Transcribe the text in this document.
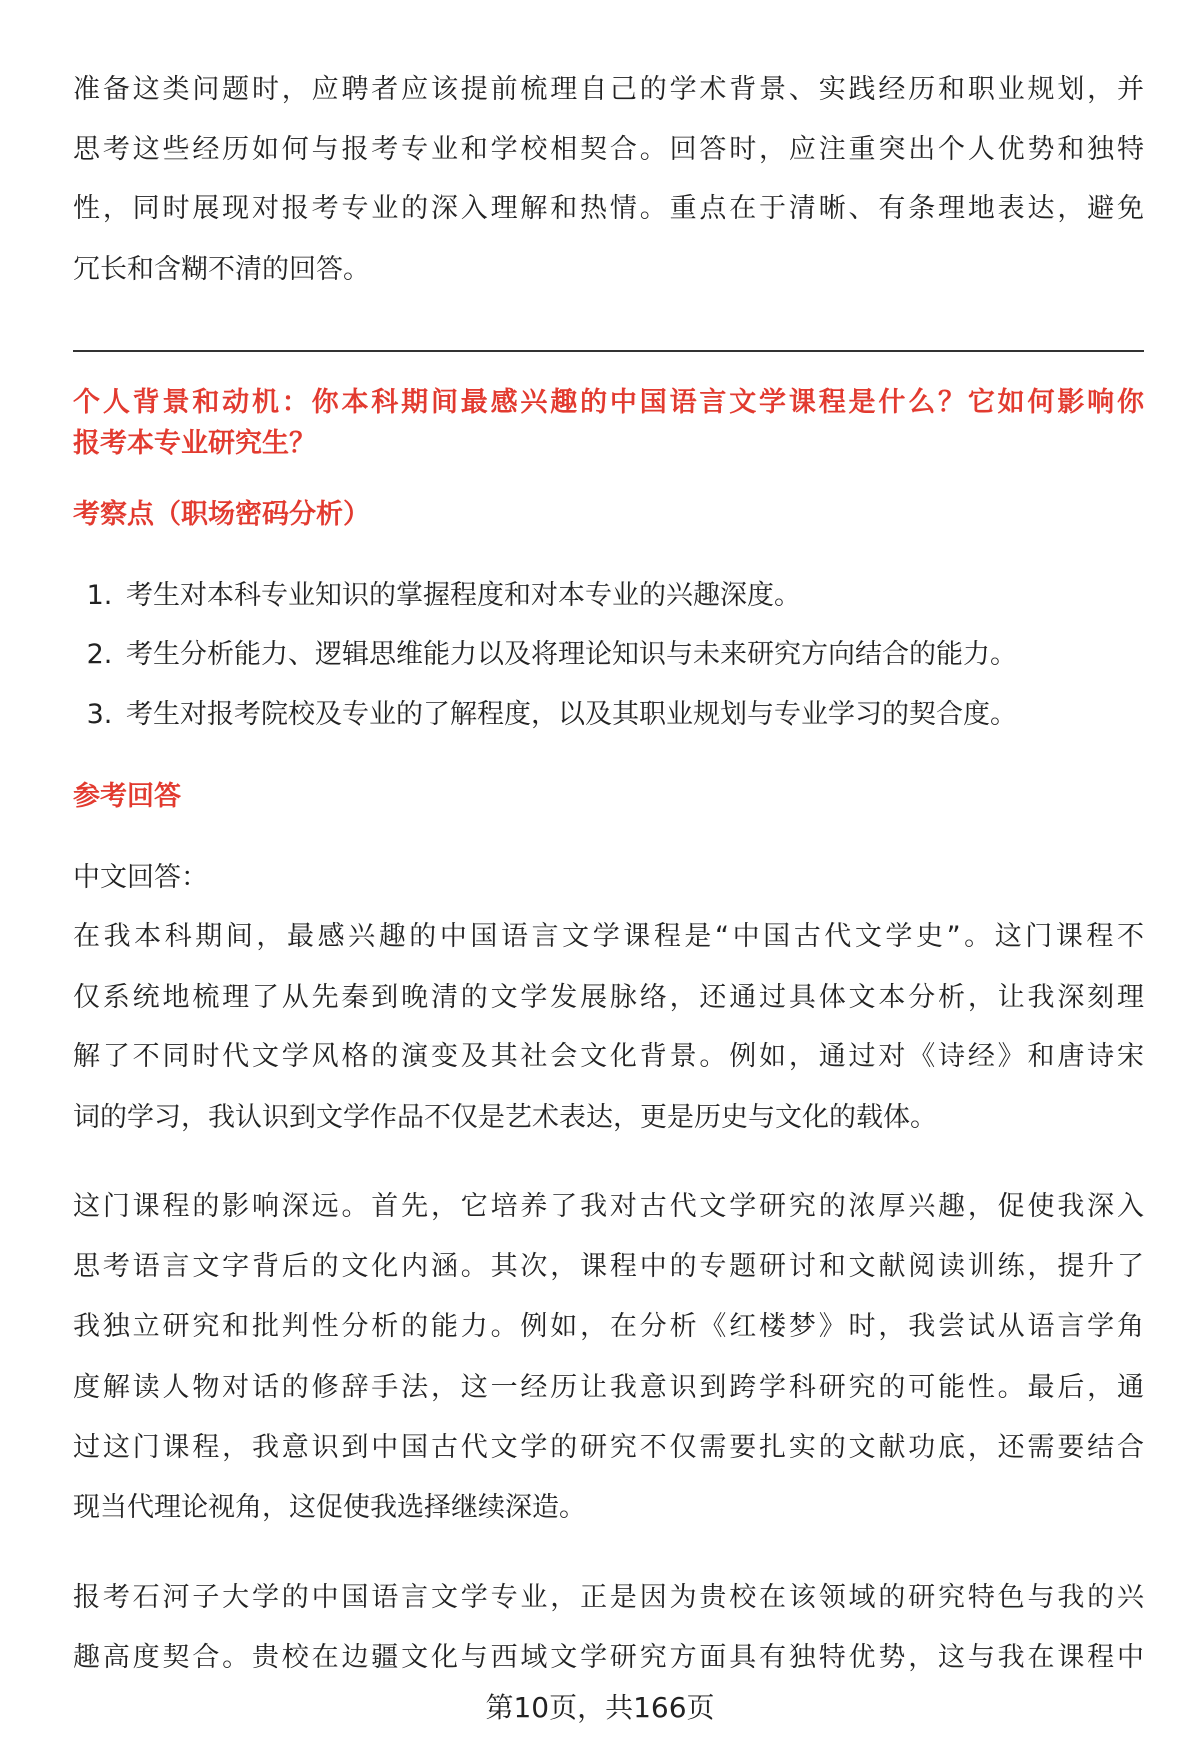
准备这类问题时，应聘者应该提前梳理自己的学术背景、实践经历和职业规划，并
思考这些经历如何与报考专业和学校相契合。回答时，应注重突出个人优势和独特
性，同时展现对报考专业的深入理解和热情。重点在于清晰、有条理地表达，避免
冗长和含糊不清的回答。
个人背景和动机：你本科期间最感兴趣的中国语言文学课程是什么？它如何影响你
报考本专业研究生？
考察点（职场密码分析）
1. 考生对本科专业知识的掌握程度和对本专业的兴趣深度。
2. 考生分析能力、逻辑思维能力以及将理论知识与未来研究方向结合的能力。
3. 考生对报考院校及专业的了解程度，以及其职业规划与专业学习的契合度。
参考回答
中文回答：
在我本科期间，最感兴趣的中国语言文学课程是“中国古代文学史”。这门课程不
仅系统地梳理了从先秦到晚清的文学发展脉络，还通过具体文本分析，让我深刻理
解了不同时代文学风格的演变及其社会文化背景。例如，通过对《诗经》和唐诗宋
词的学习，我认识到文学作品不仅是艺术表达，更是历史与文化的载体。
这门课程的影响深远。首先，它培养了我对古代文学研究的浓厚兴趣，促使我深入
思考语言文字背后的文化内涵。其次，课程中的专题研讨和文献阅读训练，提升了
我独立研究和批判性分析的能力。例如，在分析《红楼梦》时，我尝试从语言学角
度解读人物对话的修辞手法，这一经历让我意识到跨学科研究的可能性。最后，通
过这门课程，我意识到中国古代文学的研究不仅需要扎实的文献功底，还需要结合
现当代理论视角，这促使我选择继续深造。
报考石河子大学的中国语言文学专业，正是因为贵校在该领域的研究特色与我的兴
趣高度契合。贵校在边疆文化与西域文学研究方面具有独特优势，这与我在课程中
第10页，共166页
